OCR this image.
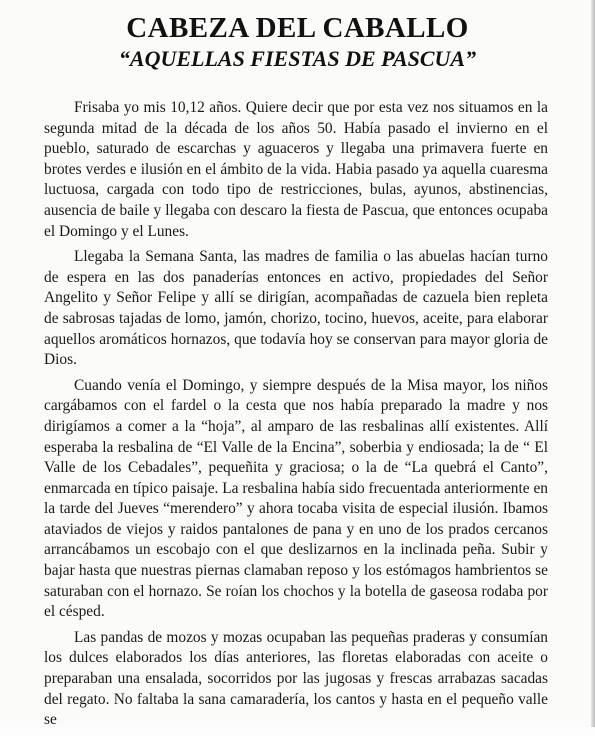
CABEZA DEL CABALLO
“AQUELLAS FIESTAS DE PASCUA”

Frisaba yo mis 10,12 años. Quiere decir que por esta vez nos situamos en la segunda mitad de la década de los años 50. Había pasado el invierno en el pueblo, saturado de escarchas y aguaceros y llegaba una primavera fuerte en brotes verdes e ilusión en el ámbito de la vida. Habia pasado ya aquella cuaresma luctuosa, cargada con todo tipo de restricciones, bulas, ayunos, abstinencias, ausencia de baile y llegaba con descaro la fiesta de Pascua, que entonces ocupaba el Domingo y el Lunes.

Llegaba la Semana Santa, las madres de familia o las abuelas hacían turno de espera en las dos panaderías entonces en activo, propiedades del Señor Angelito y Señor Felipe y allí se dirigían, acompañadas de cazuela bien repleta de sabrosas tajadas de lomo, jamón, chorizo, tocino, huevos, aceite, para elaborar aquellos aromáticos hornazos, que todavía hoy se conservan para mayor gloria de Dios.

Cuando venía el Domingo, y siempre después de la Misa mayor, los niños cargábamos con el fardel o la cesta que nos había preparado la madre y nos dirigíamos a comer a la “hoja”, al amparo de las resbalinas allí existentes. Allí esperaba la resbalina de “El Valle de la Encina”, soberbia y endiosada; la de “ El Valle de los Cebadales”, pequeñita y graciosa; o la de “La quebrá el Canto”, enmarcada en típico paisaje. La resbalina había sido frecuentada anteriormente en la tarde del Jueves “merendero” y ahora tocaba visita de especial ilusión. Ibamos ataviados de viejos y raidos pantalones de pana y en uno de los prados cercanos arrancábamos un escobajo con el que deslizarnos en la inclinada peña. Subir y bajar hasta que nuestras piernas clamaban reposo y los estómagos hambrientos se saturaban con el hornazo. Se roían los chochos y la botella de gaseosa rodaba por el césped.

Las pandas de mozos y mozas ocupaban las pequeñas praderas y consumían los dulces elaborados los días anteriores, las floretas elaboradas con aceite o preparaban una ensalada, socorridos por las jugosas y frescas arrabazas sacadas del regato. No faltaba la sana camaradería, los cantos y hasta en el pequeño valle se
